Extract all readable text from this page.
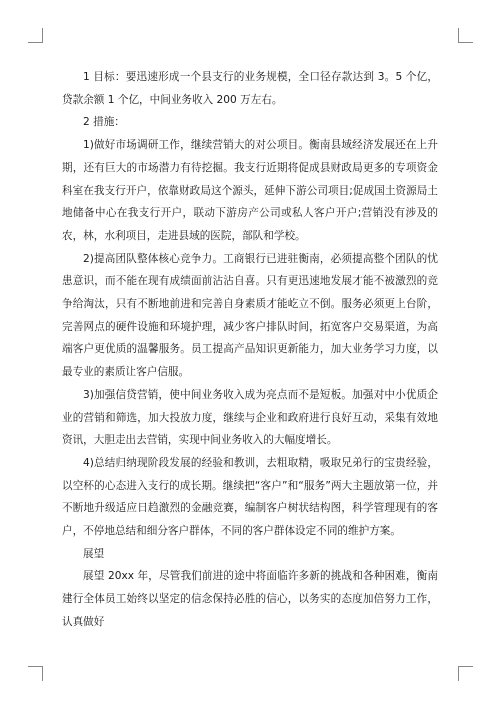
1 目标：要迅速形成一个县支行的业务规模，全口径存款达到 3。5 个亿，贷款余额 1 个亿，中间业务收入 200 万左右。

2 措施：

1)做好市场调研工作，继续营销大的对公项目。衡南县域经济发展还在上升期，还有巨大的市场潜力有待挖掘。我支行近期将促成县财政局更多的专项资金科室在我支行开户，依靠财政局这个源头，延伸下游公司项目;促成国土资源局土地储备中心在我支行开户，联动下游房产公司或私人客户开户;营销没有涉及的农，林，水利项目，走进县域的医院，部队和学校。

2)提高团队整体核心竞争力。工商银行已进驻衡南，必须提高整个团队的忧患意识，而不能在现有成绩面前沾沾自喜。只有更迅速地发展才能不被激烈的竞争给淘汰，只有不断地前进和完善自身素质才能屹立不倒。服务必须更上台阶，完善网点的硬件设施和环境护理，减少客户排队时间，拓宽客户交易渠道，为高端客户更优质的温馨服务。员工提高产品知识更新能力，加大业务学习力度，以最专业的素质让客户信服。

3)加强信贷营销，使中间业务收入成为亮点而不是短板。加强对中小优质企业的营销和筛选，加大投放力度，继续与企业和政府进行良好互动，采集有效地资讯，大胆走出去营销，实现中间业务收入的大幅度增长。

4)总结归纳现阶段发展的经验和教训，去粗取精，吸取兄弟行的宝贵经验，以空杯的心态进入支行的成长期。继续把“客户”和“服务”两大主题放第一位，并不断地升级适应日趋激烈的金融竞赛，编制客户树状结构图，科学管理现有的客户，不停地总结和细分客户群体，不同的客户群体设定不同的维护方案。

展望

展望 20xx 年，尽管我们前进的途中将面临许多新的挑战和各种困难，衡南建行全体员工始终以坚定的信念保持必胜的信心，以务实的态度加倍努力工作，认真做好
